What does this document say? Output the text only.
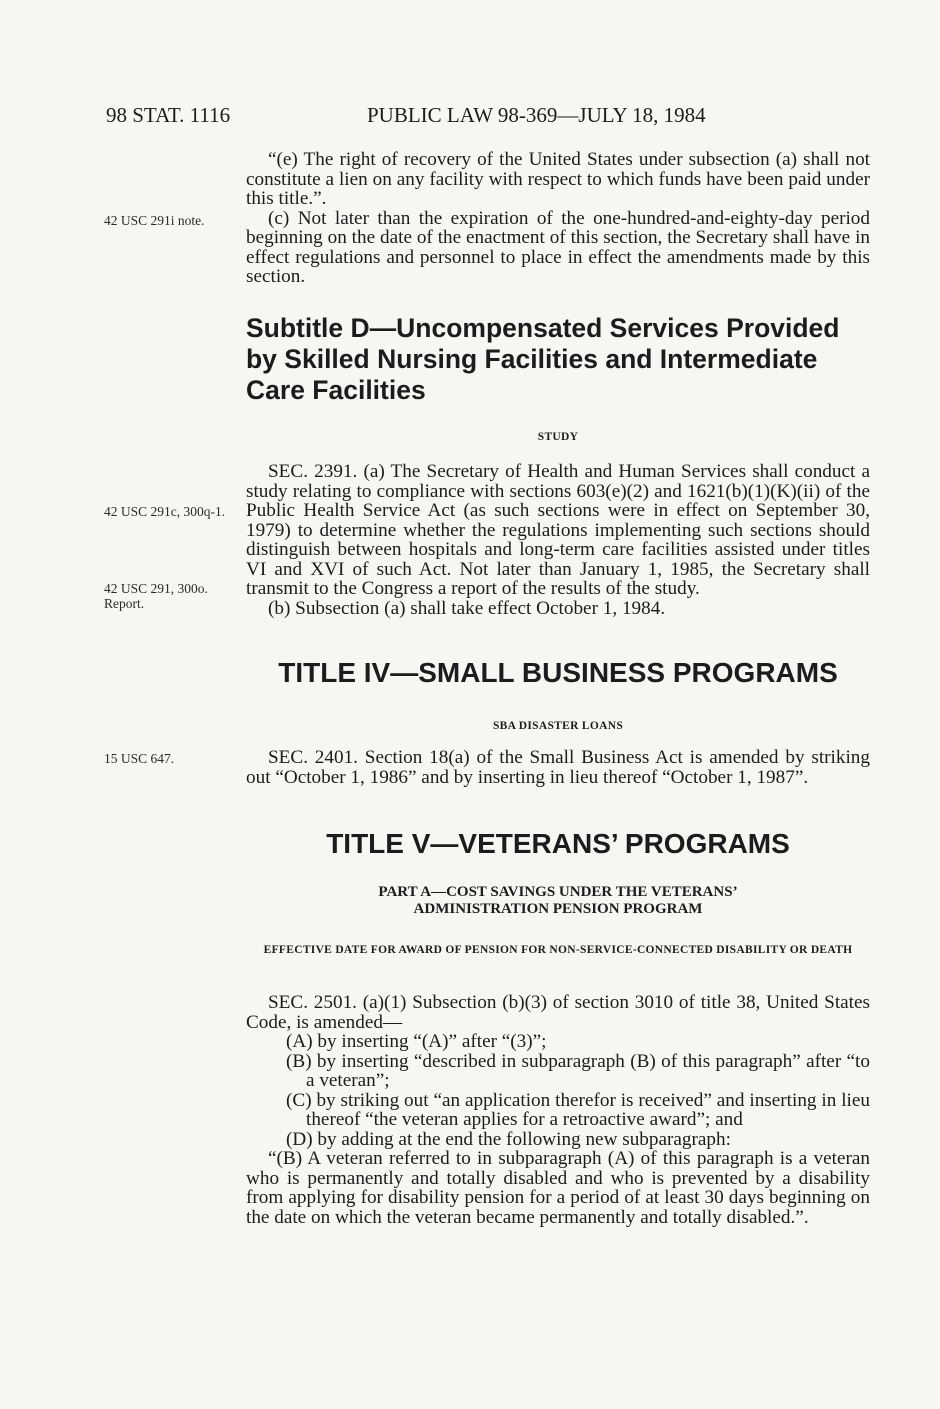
98 STAT. 1116	PUBLIC LAW 98-369—JULY 18, 1984
42 USC 291i note.
42 USC 291c, 300q-1.
42 USC 291, 300o. Report.
15 USC 647.

“(e) The right of recovery of the United States under subsection (a) shall not constitute a lien on any facility with respect to which funds have been paid under this title.”.

(c) Not later than the expiration of the one-hundred-and-eighty-day period beginning on the date of the enactment of this section, the Secretary shall have in effect regulations and personnel to place in effect the amendments made by this section.

Subtitle D—Uncompensated Services Provided by Skilled Nursing Facilities and Intermediate Care Facilities
STUDY

SEC. 2391. (a) The Secretary of Health and Human Services shall conduct a study relating to compliance with sections 603(e)(2) and 1621(b)(1)(K)(ii) of the Public Health Service Act (as such sections were in effect on September 30, 1979) to determine whether the regulations implementing such sections should distinguish between hospitals and long-term care facilities assisted under titles VI and XVI of such Act. Not later than January 1, 1985, the Secretary shall transmit to the Congress a report of the results of the study.

(b) Subsection (a) shall take effect October 1, 1984.

TITLE IV—SMALL BUSINESS PROGRAMS
SBA DISASTER LOANS

SEC. 2401. Section 18(a) of the Small Business Act is amended by striking out “October 1, 1986” and by inserting in lieu thereof “October 1, 1987”.

TITLE V—VETERANS’ PROGRAMS
PART A—COST SAVINGS UNDER THE VETERANS’ ADMINISTRATION PENSION PROGRAM
EFFECTIVE DATE FOR AWARD OF PENSION FOR NON-SERVICE-CONNECTED DISABILITY OR DEATH

SEC. 2501. (a)(1) Subsection (b)(3) of section 3010 of title 38, United States Code, is amended—

(A) by inserting “(A)” after “(3)”;

(B) by inserting “described in subparagraph (B) of this paragraph” after “to a veteran”;

(C) by striking out “an application therefor is received” and inserting in lieu thereof “the veteran applies for a retroactive award”; and

(D) by adding at the end the following new subparagraph:

“(B) A veteran referred to in subparagraph (A) of this paragraph is a veteran who is permanently and totally disabled and who is prevented by a disability from applying for disability pension for a period of at least 30 days beginning on the date on which the veteran became permanently and totally disabled.”.
